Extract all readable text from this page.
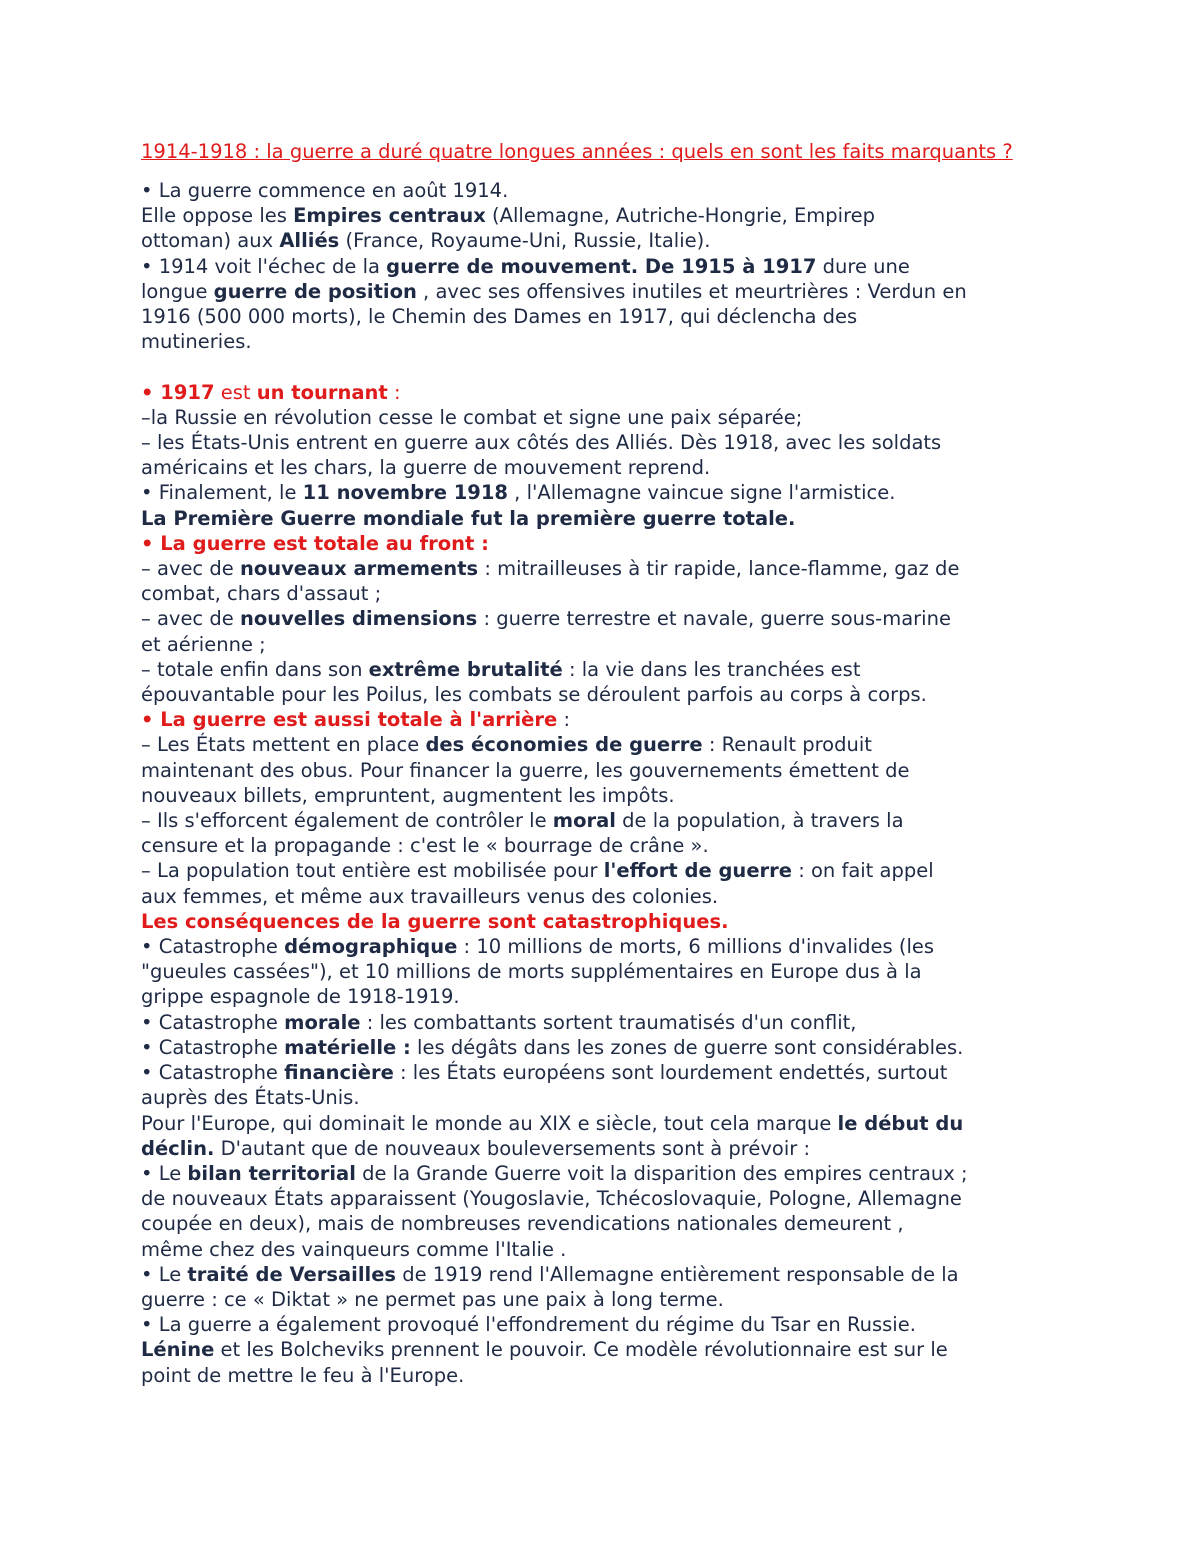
1914-1918 : la guerre a duré quatre longues années : quels en sont les faits marquants ?
• La guerre commence en août 1914.
Elle oppose les Empires centraux (Allemagne, Autriche-Hongrie, Empirep
ottoman) aux Alliés (France, Royaume-Uni, Russie, Italie).
• 1914 voit l'échec de la guerre de mouvement. De 1915 à 1917 dure une
longue guerre de position , avec ses offensives inutiles et meurtrières : Verdun en
1916 (500 000 morts), le Chemin des Dames en 1917, qui déclencha des
mutineries.
• 1917 est un tournant :
–la Russie en révolution cesse le combat et signe une paix séparée;
– les États-Unis entrent en guerre aux côtés des Alliés. Dès 1918, avec les soldats
américains et les chars, la guerre de mouvement reprend.
• Finalement, le 11 novembre 1918 , l'Allemagne vaincue signe l'armistice.
La Première Guerre mondiale fut la première guerre totale.
• La guerre est totale au front :
– avec de nouveaux armements : mitrailleuses à tir rapide, lance-flamme, gaz de
combat, chars d'assaut ;
– avec de nouvelles dimensions : guerre terrestre et navale, guerre sous-marine
et aérienne ;
– totale enfin dans son extrême brutalité : la vie dans les tranchées est
épouvantable pour les Poilus, les combats se déroulent parfois au corps à corps.
• La guerre est aussi totale à l'arrière :
– Les États mettent en place des économies de guerre : Renault produit
maintenant des obus. Pour financer la guerre, les gouvernements émettent de
nouveaux billets, empruntent, augmentent les impôts.
– Ils s'efforcent également de contrôler le moral de la population, à travers la
censure et la propagande : c'est le « bourrage de crâne ».
– La population tout entière est mobilisée pour l'effort de guerre : on fait appel
aux femmes, et même aux travailleurs venus des colonies.
Les conséquences de la guerre sont catastrophiques.
• Catastrophe démographique : 10 millions de morts, 6 millions d'invalides (les
"gueules cassées"), et 10 millions de morts supplémentaires en Europe dus à la
grippe espagnole de 1918-1919.
• Catastrophe morale : les combattants sortent traumatisés d'un conflit,
• Catastrophe matérielle : les dégâts dans les zones de guerre sont considérables.
• Catastrophe financière : les États européens sont lourdement endettés, surtout
auprès des États-Unis.
Pour l'Europe, qui dominait le monde au XIX e siècle, tout cela marque le début du
déclin. D'autant que de nouveaux bouleversements sont à prévoir :
• Le bilan territorial de la Grande Guerre voit la disparition des empires centraux ;
de nouveaux États apparaissent (Yougoslavie, Tchécoslovaquie, Pologne, Allemagne
coupée en deux), mais de nombreuses revendications nationales demeurent ,
même chez des vainqueurs comme l'Italie .
• Le traité de Versailles de 1919 rend l'Allemagne entièrement responsable de la
guerre : ce « Diktat » ne permet pas une paix à long terme.
• La guerre a également provoqué l'effondrement du régime du Tsar en Russie.
Lénine et les Bolcheviks prennent le pouvoir. Ce modèle révolutionnaire est sur le
point de mettre le feu à l'Europe.
